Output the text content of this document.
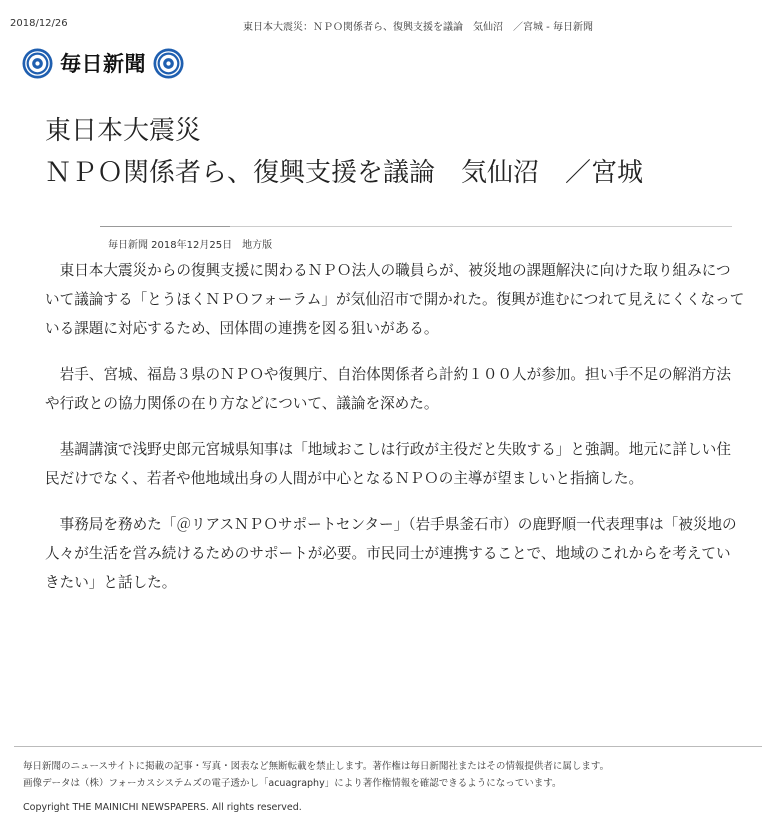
2018/12/26	東日本大震災：ＮＰＯ関係者ら、復興支援を議論　気仙沼　／宮城 - 毎日新聞
毎日新聞
東日本大震災
ＮＰＯ関係者ら、復興支援を議論　気仙沼　／宮城
毎日新聞 2018年12月25日　地方版

東日本大震災からの復興支援に関わるＮＰＯ法人の職員らが、被災地の課題解決に向けた取り組みについて議論する「とうほくＮＰＯフォーラム」が気仙沼市で開かれた。復興が進むにつれて見えにくくなっている課題に対応するため、団体間の連携を図る狙いがある。

岩手、宮城、福島３県のＮＰＯや復興庁、自治体関係者ら計約１００人が参加。担い手不足の解消方法や行政との協力関係の在り方などについて、議論を深めた。

基調講演で浅野史郎元宮城県知事は「地域おこしは行政が主役だと失敗する」と強調。地元に詳しい住民だけでなく、若者や他地域出身の人間が中心となるＮＰＯの主導が望ましいと指摘した。

事務局を務めた「＠リアスＮＰＯサポートセンター」（岩手県釜石市）の鹿野順一代表理事は「被災地の人々が生活を営み続けるためのサポートが必要。市民同士が連携することで、地域のこれからを考えていきたい」と話した。

毎日新聞のニュースサイトに掲載の記事・写真・図表など無断転載を禁止します。著作権は毎日新聞社またはその情報提供者に属します。
画像データは（株）フォーカスシステムズの電子透かし「acuagraphy」により著作権情報を確認できるようになっています。
Copyright THE MAINICHI NEWSPAPERS. All rights reserved.
